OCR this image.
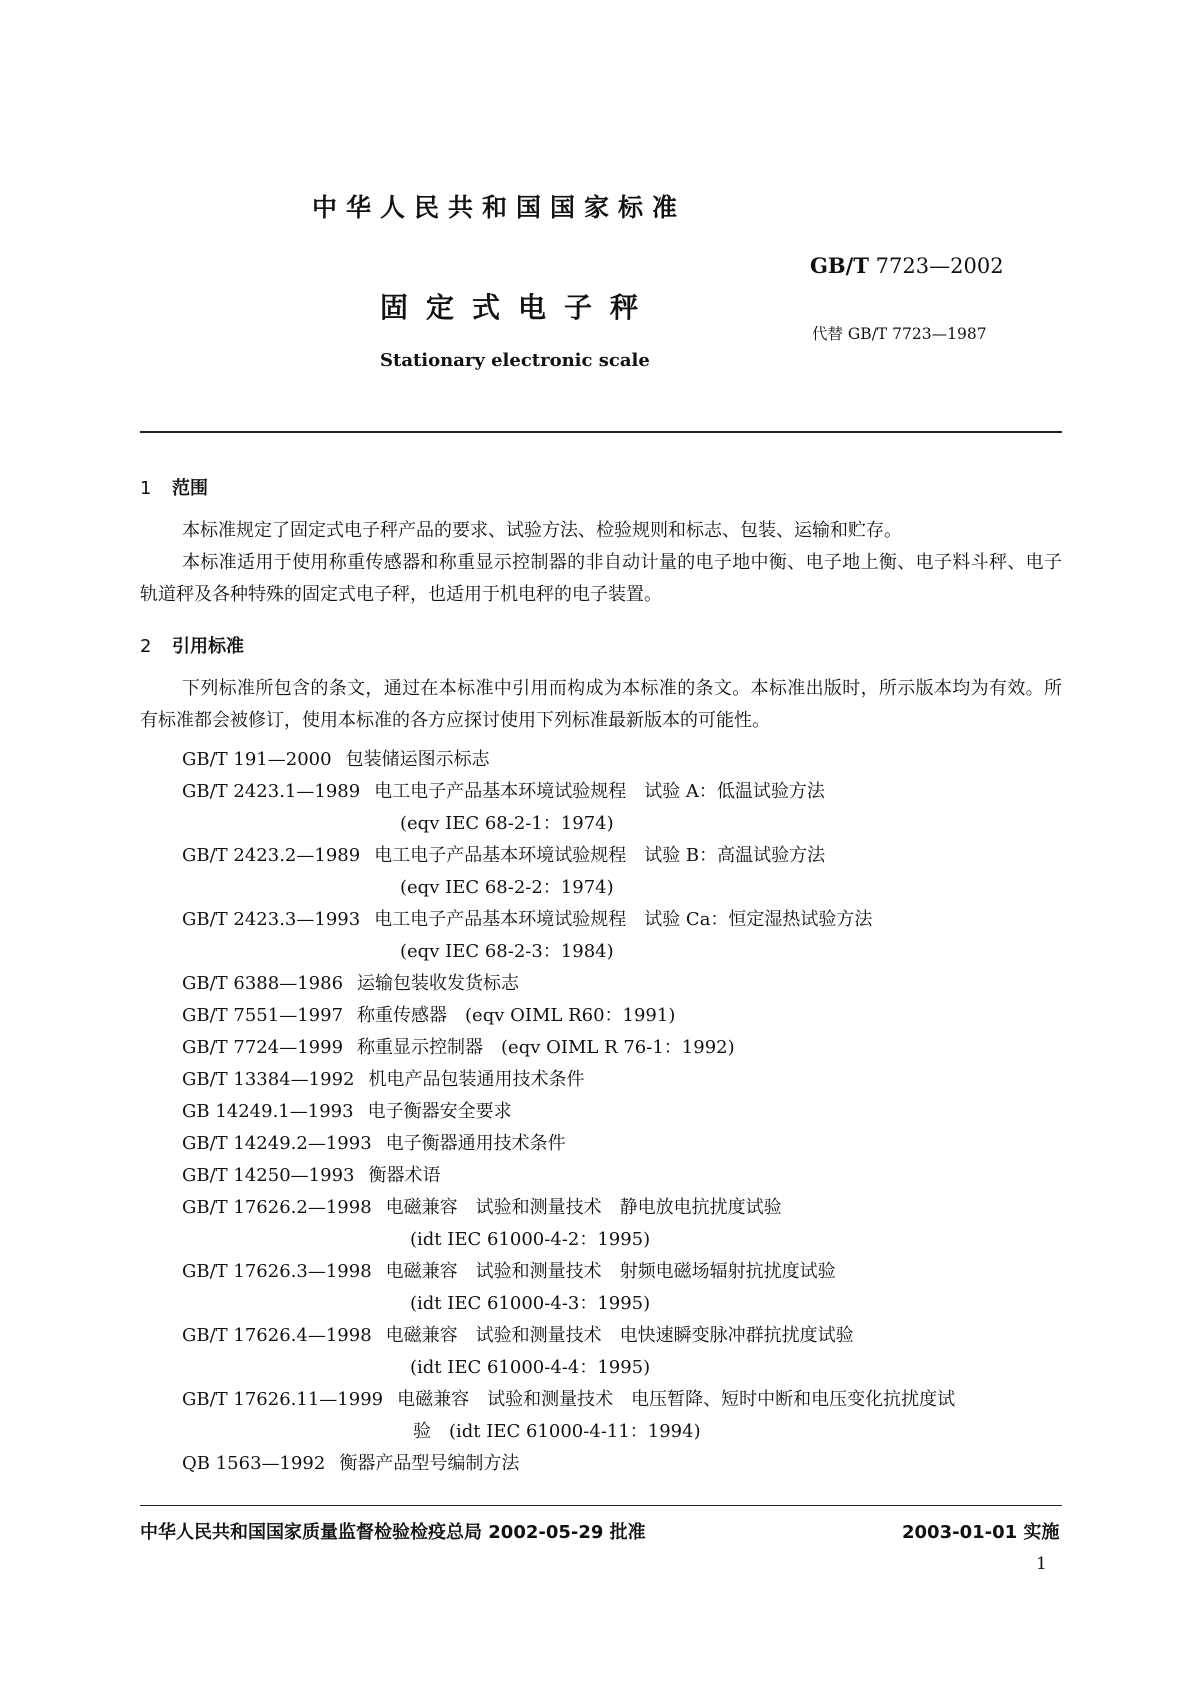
中华人民共和国国家标准
GB/T 7723—2002
固定式电子秤
代替 GB/T 7723—1987
Stationary electronic scale
1 范围
本标准规定了固定式电子秤产品的要求、试验方法、检验规则和标志、包装、运输和贮存。
本标准适用于使用称重传感器和称重显示控制器的非自动计量的电子地中衡、电子地上衡、电子料斗秤、电子轨道秤及各种特殊的固定式电子秤，也适用于机电秤的电子装置。
2 引用标准
下列标准所包含的条文，通过在本标准中引用而构成为本标准的条文。本标准出版时，所示版本均为有效。所有标准都会被修订，使用本标准的各方应探讨使用下列标准最新版本的可能性。
GB/T 191—2000 包装储运图示标志
GB/T 2423.1—1989 电工电子产品基本环境试验规程　试验 A：低温试验方法
(eqv IEC 68-2-1：1974)
GB/T 2423.2—1989 电工电子产品基本环境试验规程　试验 B：高温试验方法
(eqv IEC 68-2-2：1974)
GB/T 2423.3—1993 电工电子产品基本环境试验规程　试验 Ca：恒定湿热试验方法
(eqv IEC 68-2-3：1984)
GB/T 6388—1986 运输包装收发货标志
GB/T 7551—1997 称重传感器　(eqv OIML R60：1991)
GB/T 7724—1999 称重显示控制器　(eqv OIML R 76-1：1992)
GB/T 13384—1992 机电产品包装通用技术条件
GB 14249.1—1993 电子衡器安全要求
GB/T 14249.2—1993 电子衡器通用技术条件
GB/T 14250—1993 衡器术语
GB/T 17626.2—1998 电磁兼容　试验和测量技术　静电放电抗扰度试验
(idt IEC 61000-4-2：1995)
GB/T 17626.3—1998 电磁兼容　试验和测量技术　射频电磁场辐射抗扰度试验
(idt IEC 61000-4-3：1995)
GB/T 17626.4—1998 电磁兼容　试验和测量技术　电快速瞬变脉冲群抗扰度试验
(idt IEC 61000-4-4：1995)
GB/T 17626.11—1999 电磁兼容　试验和测量技术　电压暂降、短时中断和电压变化抗扰度试
验　(idt IEC 61000-4-11：1994)
QB 1563—1992 衡器产品型号编制方法
中华人民共和国国家质量监督检验检疫总局 2002-05-29 批准	2003-01-01 实施
1
